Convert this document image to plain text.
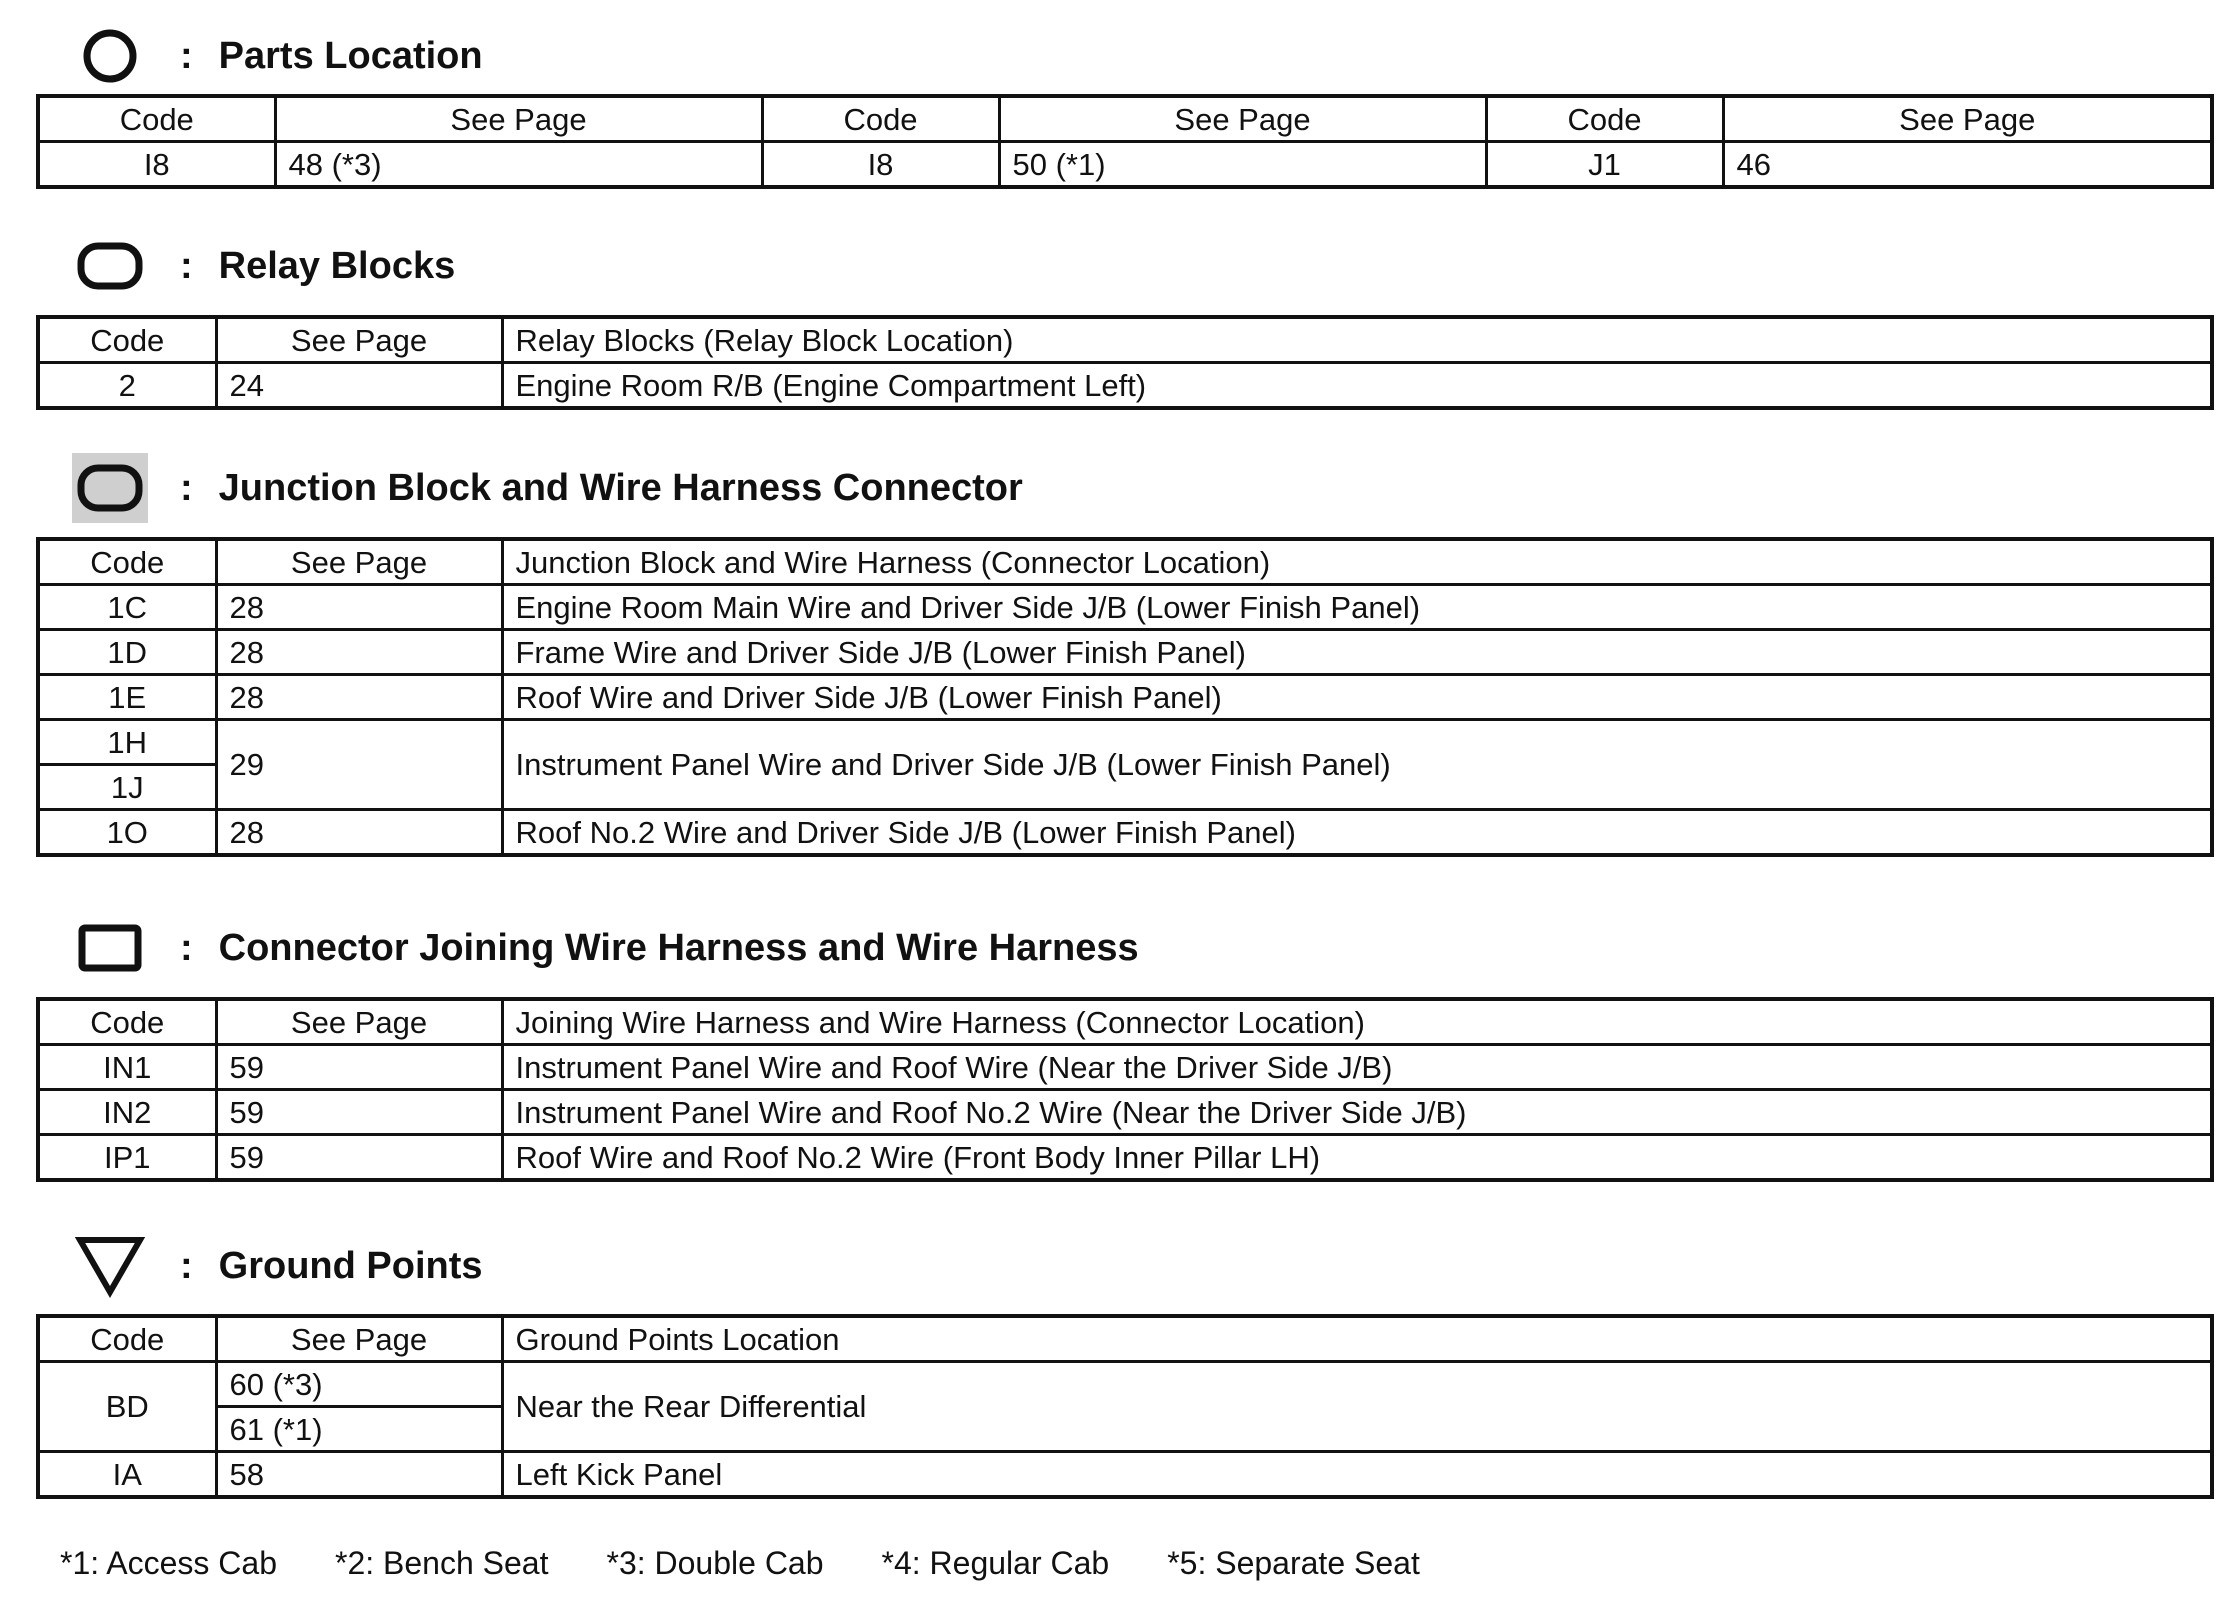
: Parts Location
Code	See Page	Code	See Page	Code	See Page
I8	48 (*3)	I8	50 (*1)	J1	46
: Relay Blocks
Code	See Page	Relay Blocks (Relay Block Location)
2	24	Engine Room R/B (Engine Compartment Left)
: Junction Block and Wire Harness Connector
Code	See Page	Junction Block and Wire Harness (Connector Location)
1C	28	Engine Room Main Wire and Driver Side J/B (Lower Finish Panel)
1D	28	Frame Wire and Driver Side J/B (Lower Finish Panel)
1E	28	Roof Wire and Driver Side J/B (Lower Finish Panel)
1H	29	Instrument Panel Wire and Driver Side J/B (Lower Finish Panel)
1J		
1O	28	Roof No.2 Wire and Driver Side J/B (Lower Finish Panel)
: Connector Joining Wire Harness and Wire Harness
Code	See Page	Joining Wire Harness and Wire Harness (Connector Location)
IN1	59	Instrument Panel Wire and Roof Wire (Near the Driver Side J/B)
IN2	59	Instrument Panel Wire and Roof No.2 Wire (Near the Driver Side J/B)
IP1	59	Roof Wire and Roof No.2 Wire (Front Body Inner Pillar LH)
: Ground Points
Code	See Page	Ground Points Location
BD	60 (*3)	Near the Rear Differential
	61 (*1)	
IA	58	Left Kick Panel
*1: Access Cab *2: Bench Seat *3: Double Cab *4: Regular Cab *5: Separate Seat
